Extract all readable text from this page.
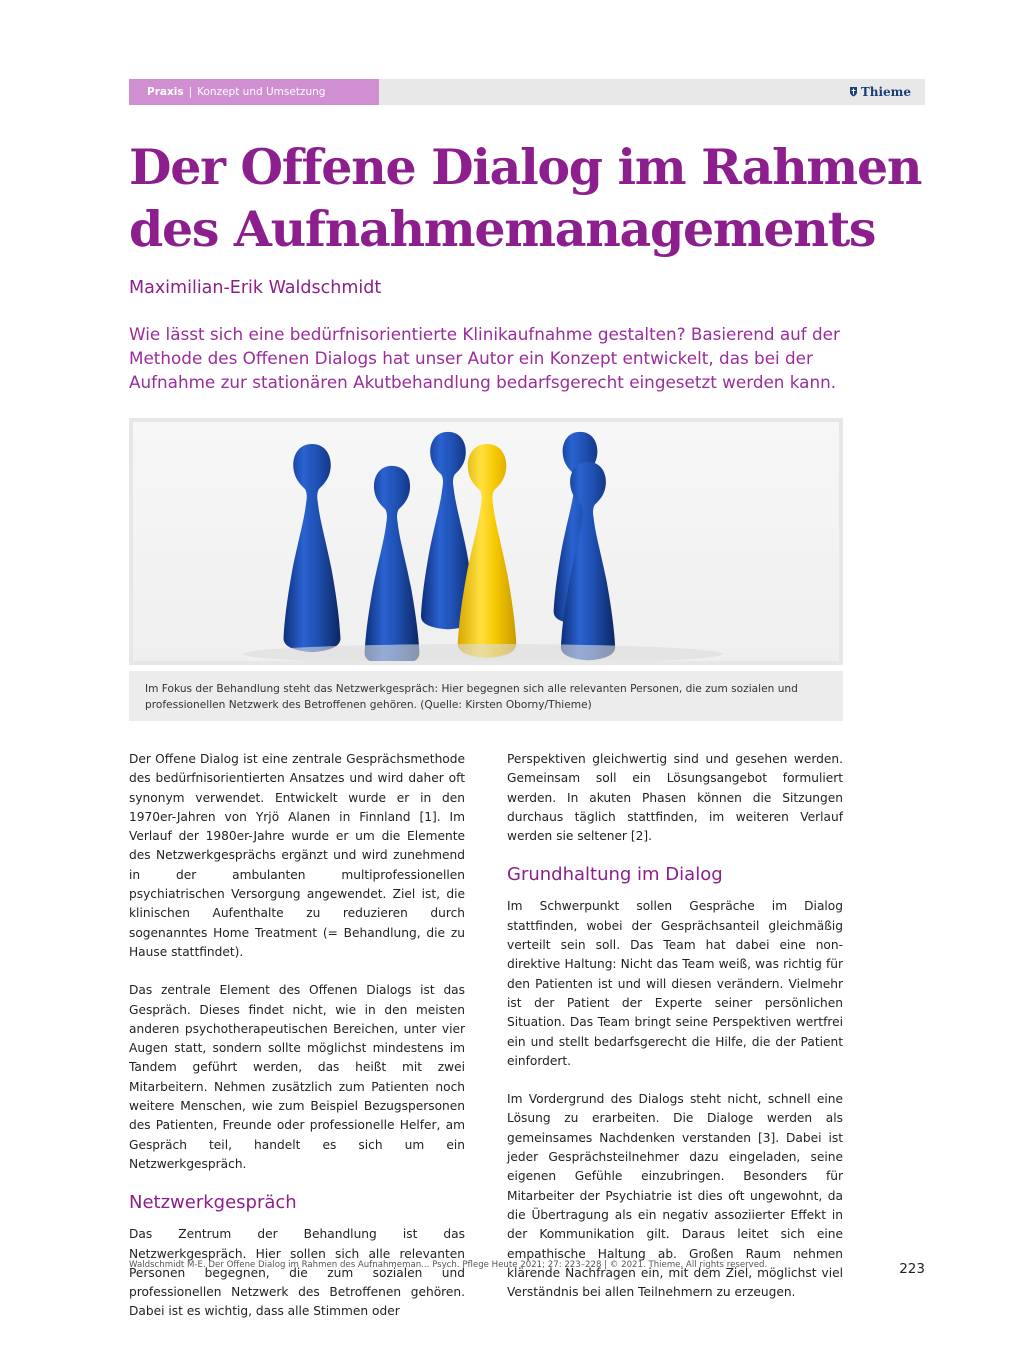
Praxis | Konzept und Umsetzung	Thieme
Der Offene Dialog im Rahmen
des Aufnahmemanagements
Maximilian-Erik Waldschmidt

Wie lässt sich eine bedürfnisorientierte Klinikaufnahme gestalten? Basierend auf der Methode des Offenen Dialogs hat unser Autor ein Konzept entwickelt, das bei der Aufnahme zur stationären Akutbehandlung bedarfsgerecht eingesetzt werden kann.

Im Fokus der Behandlung steht das Netzwerkgespräch: Hier begegnen sich alle relevanten Personen, die zum sozialen und professionellen Netzwerk des Betroffenen gehören. (Quelle: Kirsten Oborny/Thieme)

Der Offene Dialog ist eine zentrale Gesprächsmethode des bedürfnisorientierten Ansatzes und wird daher oft synonym verwendet. Entwickelt wurde er in den 1970er-Jahren von Yrjö Alanen in Finnland [1]. Im Verlauf der 1980er-Jahre wurde er um die Elemente des Netzwerkgesprächs ergänzt und wird zunehmend in der ambulanten multiprofessionellen psychiatrischen Versorgung angewendet. Ziel ist, die klinischen Aufenthalte zu reduzieren durch sogenanntes Home Treatment (= Behandlung, die zu Hause stattfindet).

Das zentrale Element des Offenen Dialogs ist das Gespräch. Dieses findet nicht, wie in den meisten anderen psychotherapeutischen Bereichen, unter vier Augen statt, sondern sollte möglichst mindestens im Tandem geführt werden, das heißt mit zwei Mitarbeitern. Nehmen zusätzlich zum Patienten noch weitere Menschen, wie zum Beispiel Bezugspersonen des Patienten, Freunde oder professionelle Helfer, am Gespräch teil, handelt es sich um ein Netzwerkgespräch.

Netzwerkgespräch

Das Zentrum der Behandlung ist das Netzwerkgespräch. Hier sollen sich alle relevanten Personen begegnen, die zum sozialen und professionellen Netzwerk des Betroffenen gehören. Dabei ist es wichtig, dass alle Stimmen oder

Perspektiven gleichwertig sind und gesehen werden. Gemeinsam soll ein Lösungsangebot formuliert werden. In akuten Phasen können die Sitzungen durchaus täglich stattfinden, im weiteren Verlauf werden sie seltener [2].

Grundhaltung im Dialog

Im Schwerpunkt sollen Gespräche im Dialog stattfinden, wobei der Gesprächsanteil gleichmäßig verteilt sein soll. Das Team hat dabei eine non-direktive Haltung: Nicht das Team weiß, was richtig für den Patienten ist und will diesen verändern. Vielmehr ist der Patient der Experte seiner persönlichen Situation. Das Team bringt seine Perspektiven wertfrei ein und stellt bedarfsgerecht die Hilfe, die der Patient einfordert.

Im Vordergrund des Dialogs steht nicht, schnell eine Lösung zu erarbeiten. Die Dialoge werden als gemeinsames Nachdenken verstanden [3]. Dabei ist jeder Gesprächsteilnehmer dazu eingeladen, seine eigenen Gefühle einzubringen. Besonders für Mitarbeiter der Psychiatrie ist dies oft ungewohnt, da die Übertragung als ein negativ assoziierter Effekt in der Kommunikation gilt. Daraus leitet sich eine empathische Haltung ab. Großen Raum nehmen klärende Nachfragen ein, mit dem Ziel, möglichst viel Verständnis bei allen Teilnehmern zu erzeugen.

Waldschmidt M-E. Der Offene Dialog im Rahmen des Aufnahmeman... Psych. Pflege Heute 2021; 27: 223–228 | © 2021. Thieme. All rights reserved.	223
